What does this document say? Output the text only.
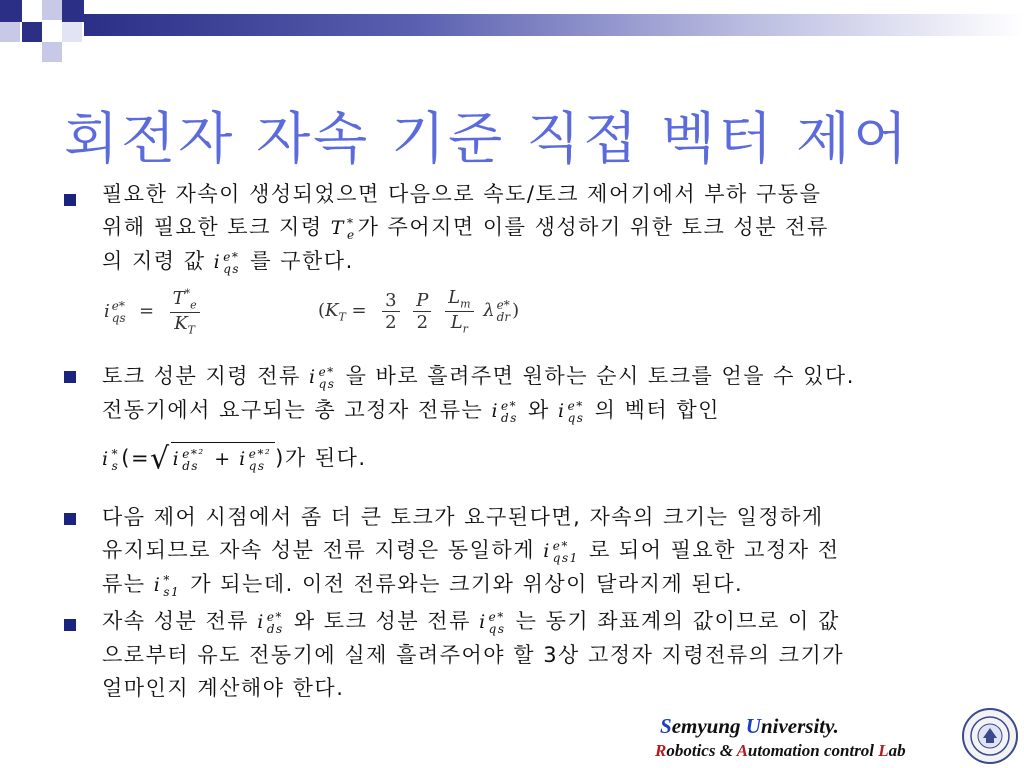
회전자 자속 기준 직접 벡터 제어
필요한 자속이 생성되었으면 다음으로 속도/토크 제어기에서 부하 구동을
위해 필요한 토크 지령 T *
e 가 주어지면 이를 생성하기 위한 토크 성분 전류
의 지령 값 i e*
qs 를 구한다.
i e*
qs = $\frac{T^*_e}{K_T}$	($K_T = \frac{3}{2}$
$\frac{P}{2}$
$\frac{L_m}{L_r}$ λ e*
dr )
토크 성분 지령 전류 i e*
qs 을 바로 흘려주면 원하는 순시 토크를 얻을 수 있다.
전동기에서 요구되는 총 고정자 전류는 i e*
ds 와 i e*
qs 의 벡터 합인
i *
s (=√ i e*²
ds + i e*²
qs )가 된다.
다음 제어 시점에서 좀 더 큰 토크가 요구된다면, 자속의 크기는 일정하게
유지되므로 자속 성분 전류 지령은 동일하게 i e*
qs1 로 되어 필요한 고정자 전
류는 i *
s1 가 되는데. 이전 전류와는 크기와 위상이 달라지게 된다.
자속 성분 전류 i e*
ds 와 토크 성분 전류 i e*
qs 는 동기 좌표계의 값이므로 이 값
으로부터 유도 전동기에 실제 흘려주어야 할 3상 고정자 지령전류의 크기가
얼마인지 계산해야 한다.
Semyung University.
Robotics & Automation control Lab
